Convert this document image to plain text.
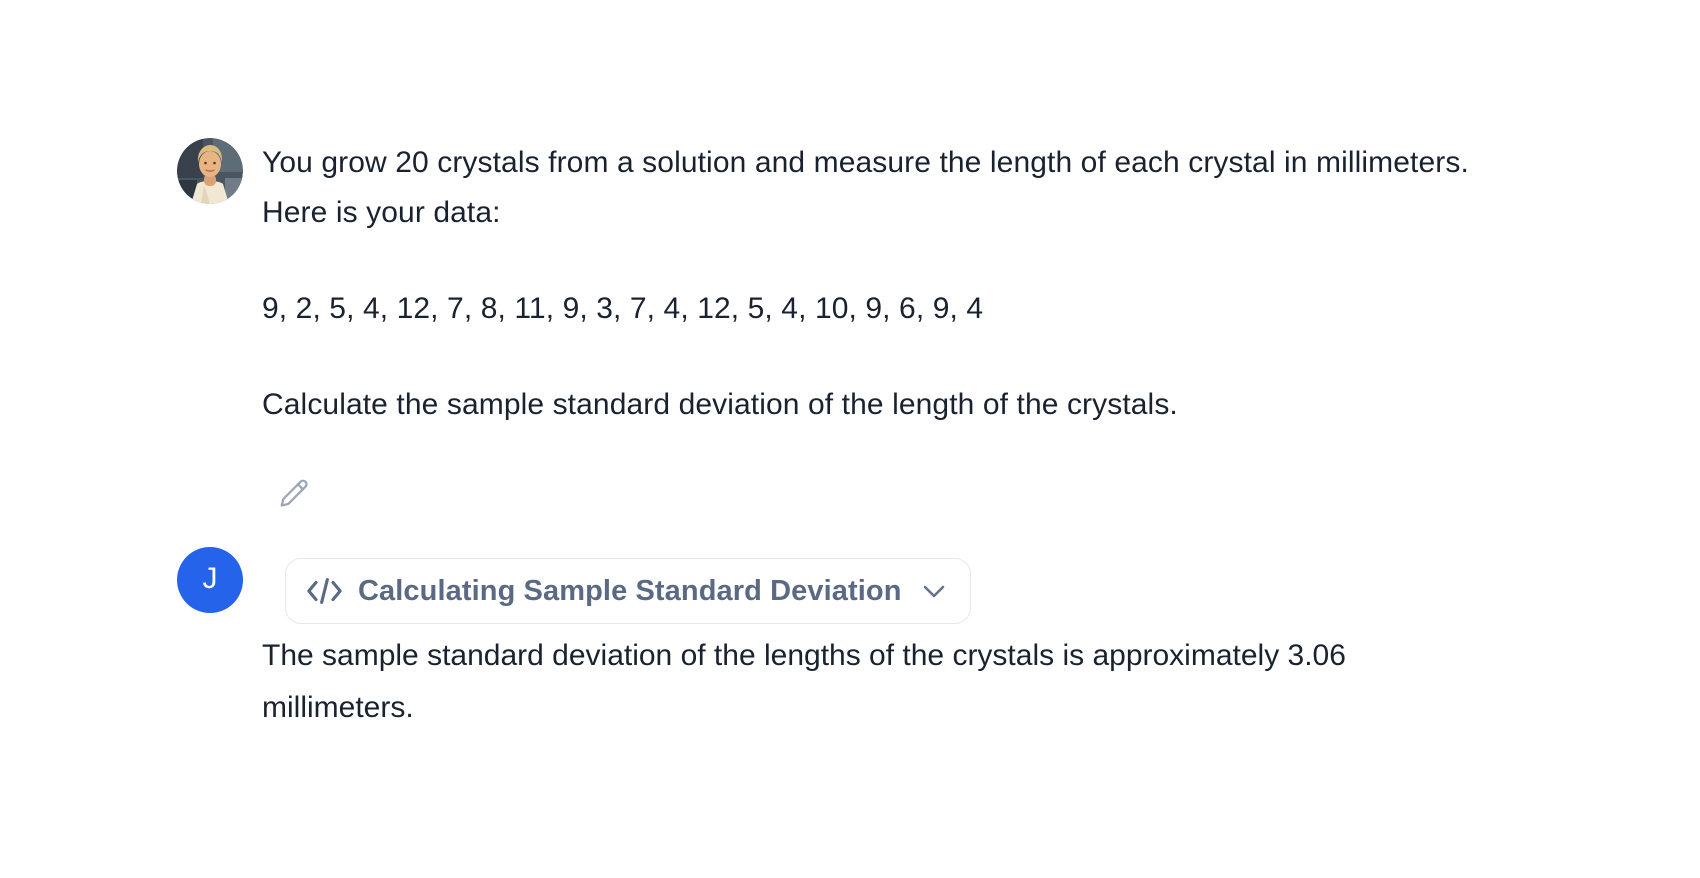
You grow 20 crystals from a solution and measure the length of each crystal in millimeters. Here is your data:

9, 2, 5, 4, 12, 7, 8, 11, 9, 3, 7, 4, 12, 5, 4, 10, 9, 6, 9, 4

Calculate the sample standard deviation of the length of the crystals.

J	Calculating Sample Standard Deviation

The sample standard deviation of the lengths of the crystals is approximately 3.06 millimeters.
